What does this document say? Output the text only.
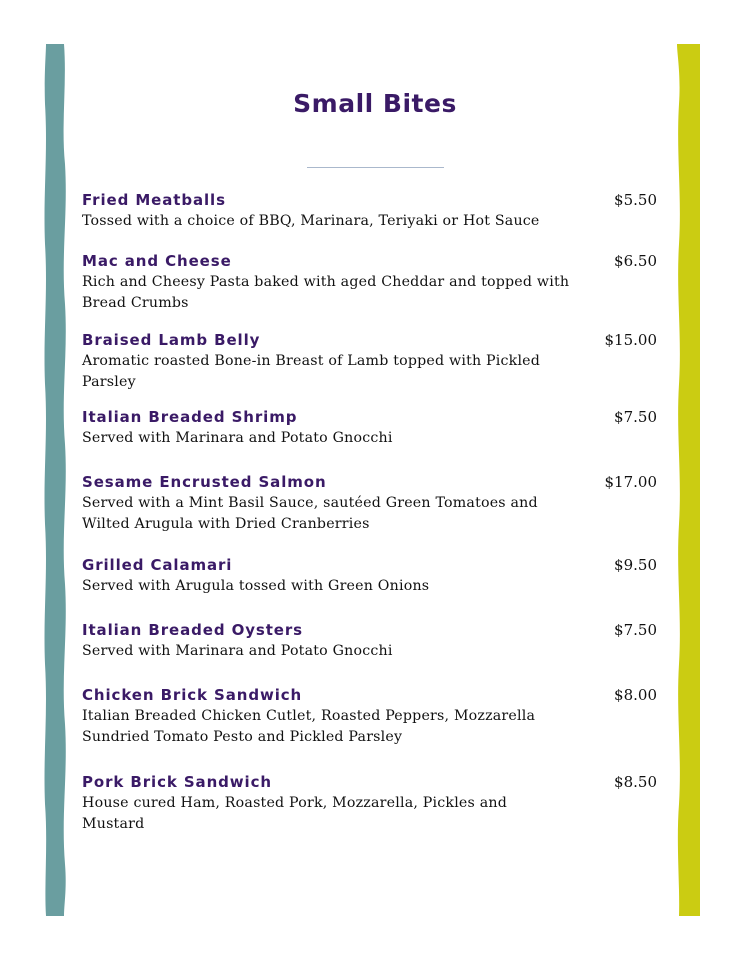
Small Bites
Fried Meatballs	$5.50
Tossed with a choice of BBQ, Marinara, Teriyaki or Hot Sauce
Mac and Cheese	$6.50
Rich and Cheesy Pasta baked with aged Cheddar and topped with Bread Crumbs
Braised Lamb Belly	$15.00
Aromatic roasted Bone-in Breast of Lamb topped with Pickled Parsley
Italian Breaded Shrimp	$7.50
Served with Marinara and Potato Gnocchi
Sesame Encrusted Salmon	$17.00
Served with a Mint Basil Sauce, sautéed Green Tomatoes and Wilted Arugula with Dried Cranberries
Grilled Calamari	$9.50
Served with Arugula tossed with Green Onions
Italian Breaded Oysters	$7.50
Served with Marinara and Potato Gnocchi
Chicken Brick Sandwich	$8.00
Italian Breaded Chicken Cutlet, Roasted Peppers, Mozzarella Sundried Tomato Pesto and Pickled Parsley
Pork Brick Sandwich	$8.50
House cured Ham, Roasted Pork, Mozzarella, Pickles and Mustard
